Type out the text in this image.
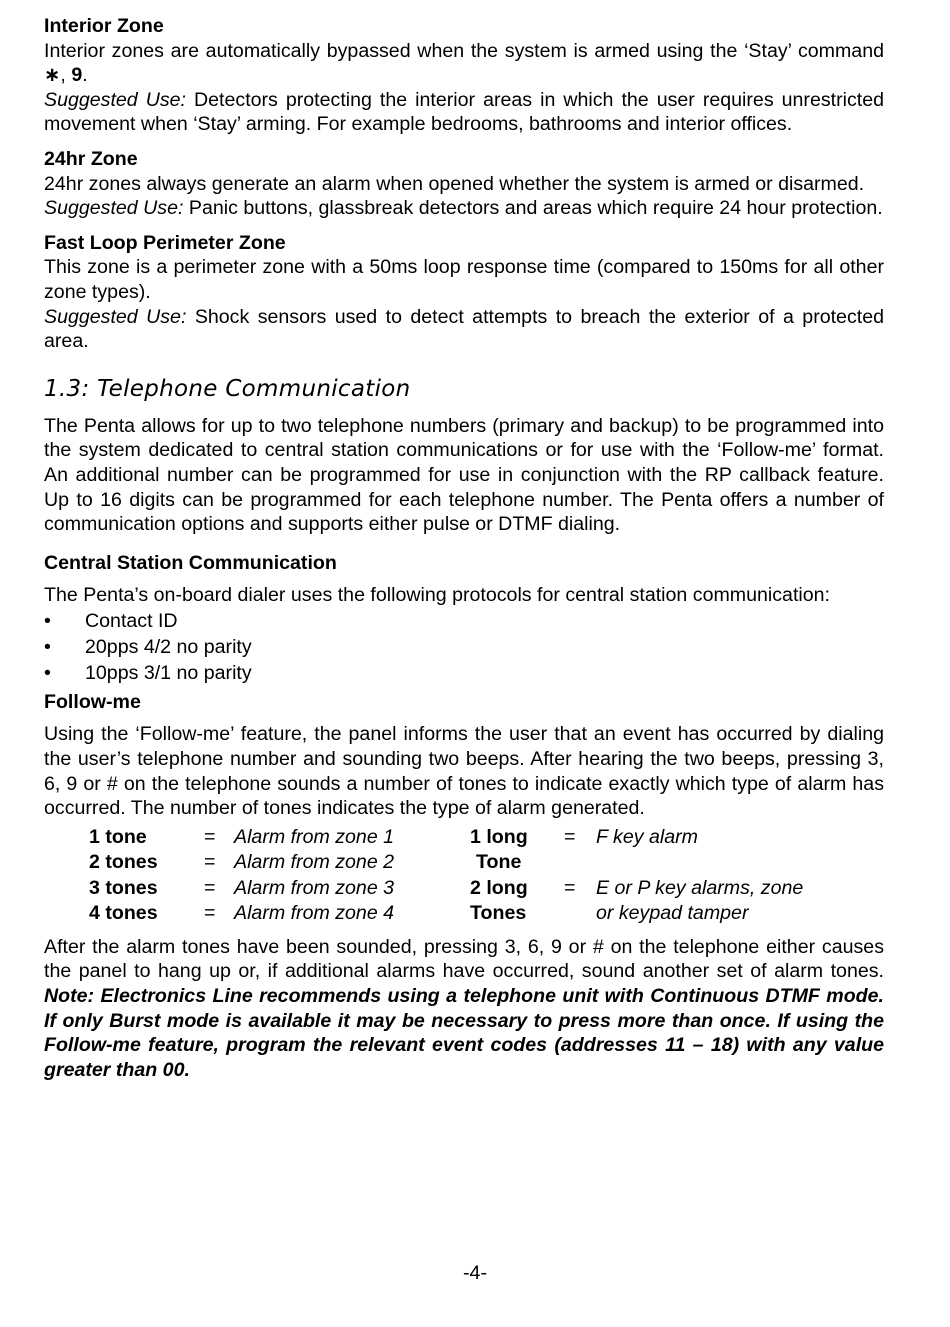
Interior Zone

Interior zones are automatically bypassed when the system is armed using the ‘Stay’ command ∗, 9.

Suggested Use: Detectors protecting the interior areas in which the user requires unrestricted movement when ‘Stay’ arming. For example bedrooms, bathrooms and interior offices.

24hr Zone

24hr zones always generate an alarm when opened whether the system is armed or disarmed.

Suggested Use: Panic buttons, glassbreak detectors and areas which require 24 hour protection.

Fast Loop Perimeter Zone

This zone is a perimeter zone with a 50ms loop response time (compared to 150ms for all other zone types).

Suggested Use: Shock sensors used to detect attempts to breach the exterior of a protected area.

1.3: Telephone Communication

The Penta allows for up to two telephone numbers (primary and backup) to be programmed into the system dedicated to central station communications or for use with the ‘Follow-me’ format. An additional number can be programmed for use in conjunction with the RP callback feature. Up to 16 digits can be programmed for each telephone number. The Penta offers a number of communication options and supports either pulse or DTMF dialing.

Central Station Communication

The Penta’s on-board dialer uses the following protocols for central station communication:

• Contact ID
• 20pps 4/2 no parity
• 10pps 3/1 no parity

Follow-me

Using the ‘Follow-me’ feature, the panel informs the user that an event has occurred by dialing the user’s telephone number and sounding two beeps. After hearing the two beeps, pressing 3, 6, 9 or # on the telephone sounds a number of tones to indicate exactly which type of alarm has occurred. The number of tones indicates the type of alarm generated.

1 tone	= Alarm from zone 1
2 tones = Alarm from zone 2
3 tones = Alarm from zone 3
4 tones = Alarm from zone 4
1 long = F key alarm
Tone
2 long = E or P key alarms, zone
Tones	or keypad tamper

After the alarm tones have been sounded, pressing 3, 6, 9 or # on the telephone either causes the panel to hang up or, if additional alarms have occurred, sound another set of alarm tones. Note: Electronics Line recommends using a telephone unit with Continuous DTMF mode. If only Burst mode is available it may be necessary to press more than once. If using the Follow-me feature, program the relevant event codes (addresses 11 – 18) with any value greater than 00.

-4-
